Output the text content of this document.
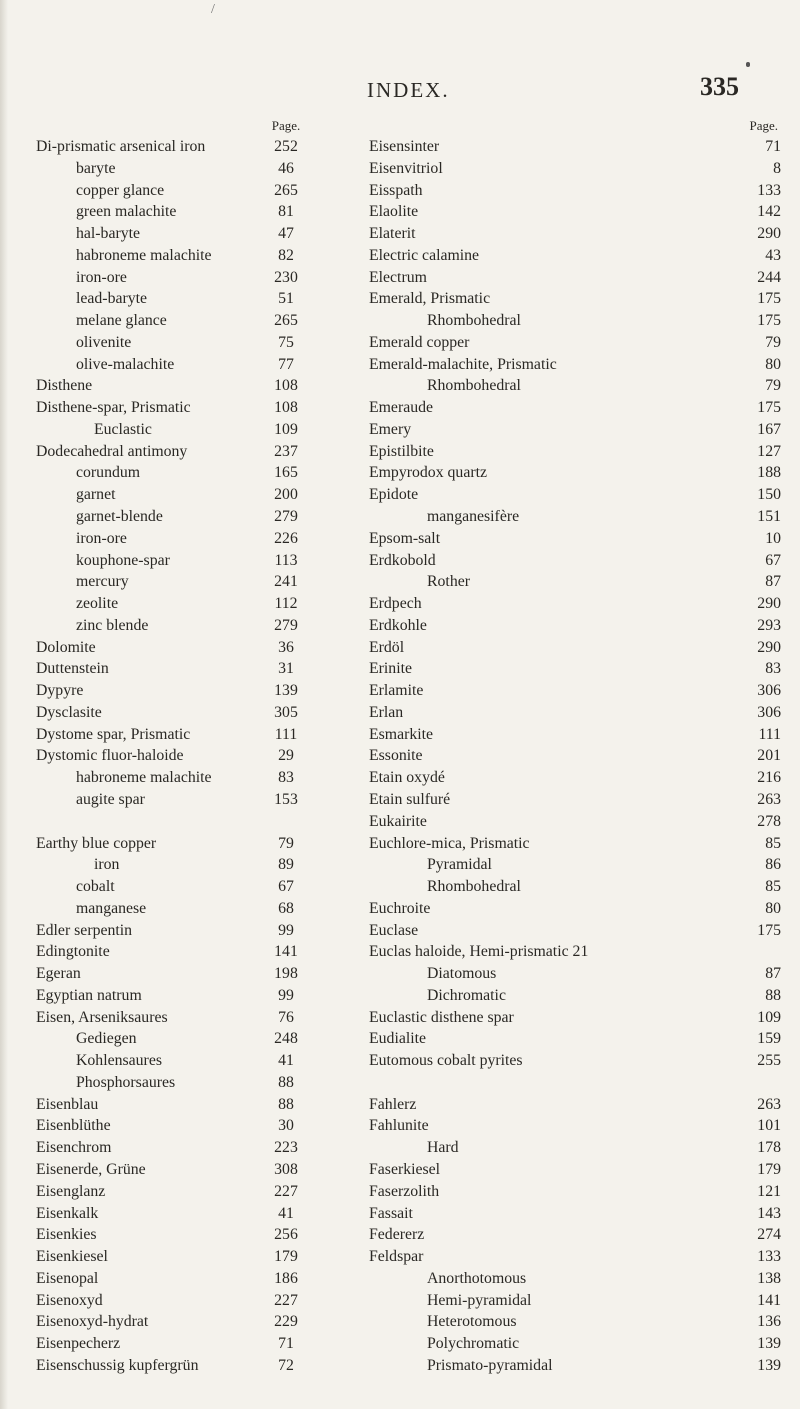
/
INDEX.	335
Page.	Page.
Di-prismatic arsenical iron	252
baryte	46
copper glance	265
green malachite	81
hal-baryte	47
habroneme malachite	82
iron-ore	230
lead-baryte	51
melane glance	265
olivenite	75
olive-malachite	77
Disthene	108
Disthene-spar, Prismatic	108
Euclastic	109
Dodecahedral antimony	237
corundum	165
garnet	200
garnet-blende	279
iron-ore	226
kouphone-spar	113
mercury	241
zeolite	112
zinc blende	279
Dolomite	36
Duttenstein	31
Dypyre	139
Dysclasite	305
Dystome spar, Prismatic	111
Dystomic fluor-haloide	29
habroneme malachite	83
augite spar	153
Earthy blue copper	79
iron	89
cobalt	67
manganese	68
Edler serpentin	99
Edingtonite	141
Egeran	198
Egyptian natrum	99
Eisen, Arseniksaures	76
Gediegen	248
Kohlensaures	41
Phosphorsaures	88
Eisenblau	88
Eisenblüthe	30
Eisenchrom	223
Eisenerde, Grüne	308
Eisenglanz	227
Eisenkalk	41
Eisenkies	256
Eisenkiesel	179
Eisenopal	186
Eisenoxyd	227
Eisenoxyd-hydrat	229
Eisenpecherz	71
Eisenschussig kupfergrün	72
Eisensinter	71
Eisenvitriol	8
Eisspath	133
Elaolite	142
Elaterit	290
Electric calamine	43
Electrum	244
Emerald, Prismatic	175
Rhombohedral	175
Emerald copper	79
Emerald-malachite, Prismatic	80
Rhombohedral	79
Emeraude	175
Emery	167
Epistilbite	127
Empyrodox quartz	188
Epidote	150
manganesifère	151
Epsom-salt	10
Erdkobold	67
Rother	87
Erdpech	290
Erdkohle	293
Erdöl	290
Erinite	83
Erlamite	306
Erlan	306
Esmarkite	111
Essonite	201
Etain oxydé	216
Etain sulfuré	263
Eukairite	278
Euchlore-mica, Prismatic	85
Pyramidal	86
Rhombohedral	85
Euchroite	80
Euclase	175
Euclas haloide, Hemi-prismatic 21
Diatomous	87
Dichromatic	88
Euclastic disthene spar	109
Eudialite	159
Eutomous cobalt pyrites	255
Fahlerz	263
Fahlunite	101
Hard	178
Faserkiesel	179
Faserzolith	121
Fassait	143
Federerz	274
Feldspar	133
Anorthotomous	138
Hemi-pyramidal	141
Heterotomous	136
Polychromatic	139
Prismato-pyramidal	139
